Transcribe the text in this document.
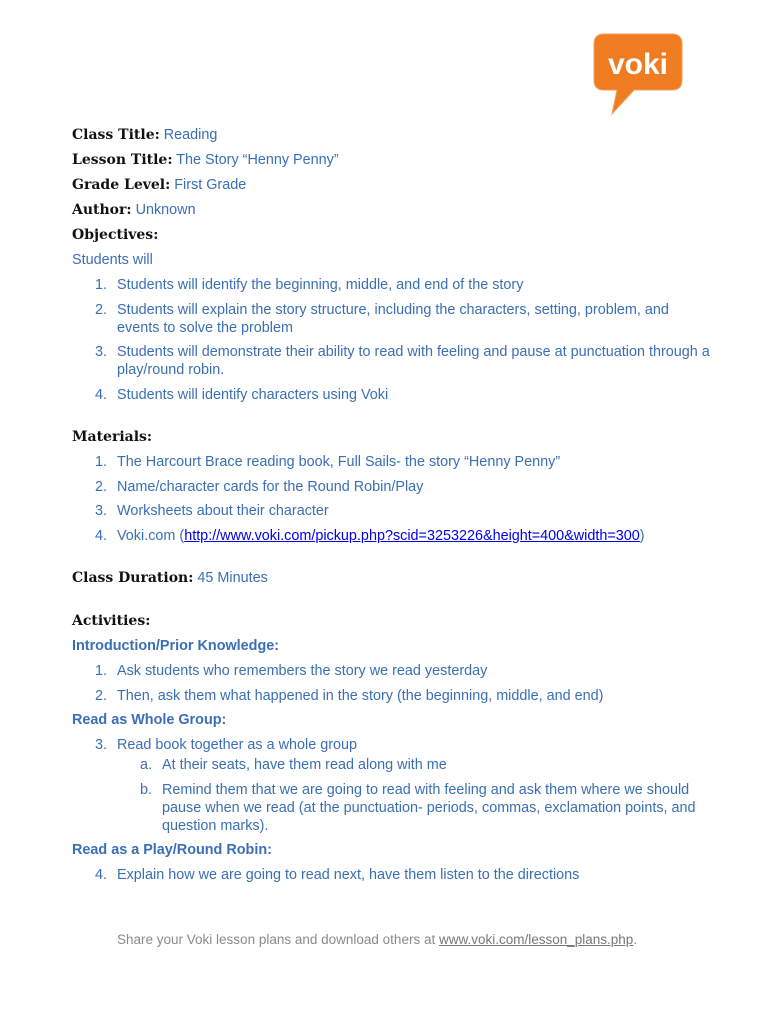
voki
Class Title: Reading
Lesson Title: The Story “Henny Penny”
Grade Level: First Grade
Author: Unknown
Objectives:
Students will
1. Students will identify the beginning, middle, and end of the story
2. Students will explain the story structure, including the characters, setting, problem, and events to solve the problem
3. Students will demonstrate their ability to read with feeling and pause at punctuation through a play/round robin.
4. Students will identify characters using Voki
Materials:
1. The Harcourt Brace reading book, Full Sails- the story “Henny Penny”
2. Name/character cards for the Round Robin/Play
3. Worksheets about their character
4. Voki.com (http://www.voki.com/pickup.php?scid=3253226&height=400&width=300)
Class Duration: 45 Minutes
Activities:
Introduction/Prior Knowledge:
1. Ask students who remembers the story we read yesterday
2. Then, ask them what happened in the story (the beginning, middle, and end)
Read as Whole Group:
3. Read book together as a whole group
a. At their seats, have them read along with me
b. Remind them that we are going to read with feeling and ask them where we should pause when we read (at the punctuation- periods, commas, exclamation points, and question marks).
Read as a Play/Round Robin:
4. Explain how we are going to read next, have them listen to the directions
Share your Voki lesson plans and download others at www.voki.com/lesson_plans.php.
